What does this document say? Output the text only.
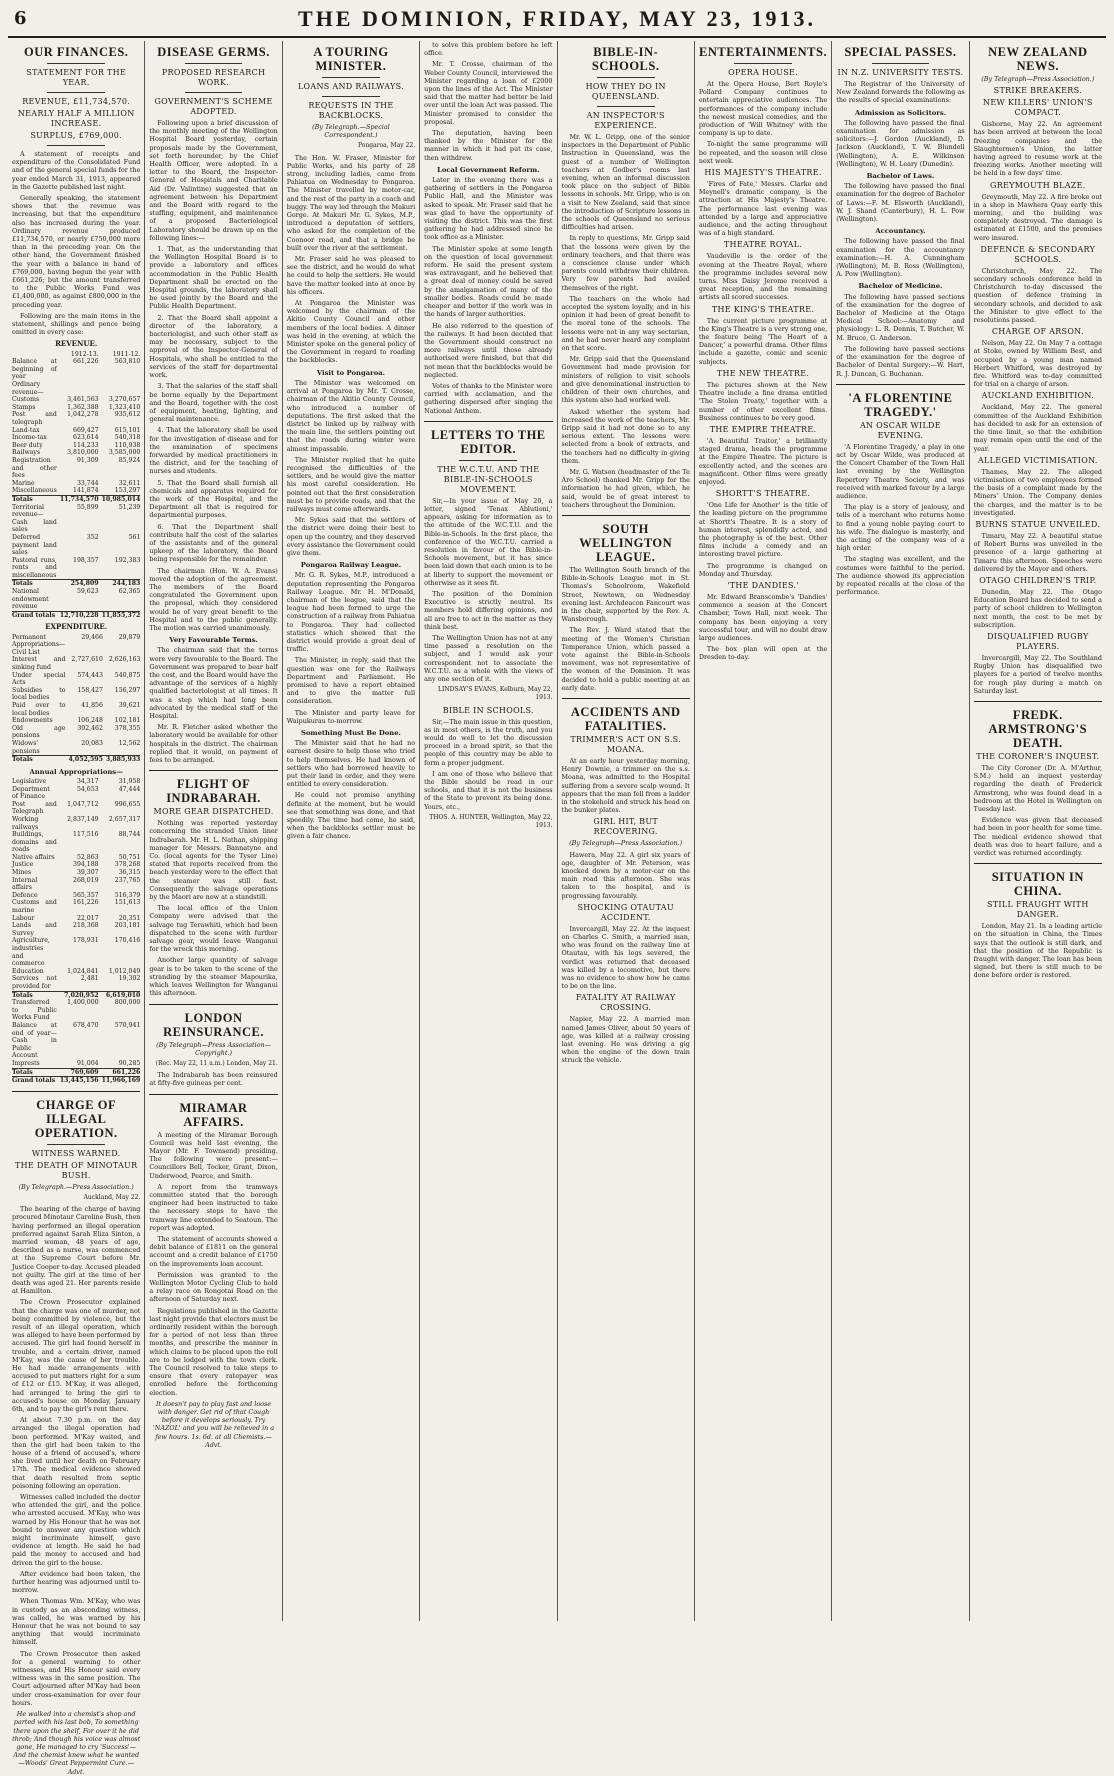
6	THE DOMINION, FRIDAY, MAY 23, 1913.
OUR FINANCES.
STATEMENT FOR THE YEAR.
REVENUE, £11,734,570.
NEARLY HALF A MILLION INCREASE.
SURPLUS, £769,000.

A statement of receipts and expenditure of the Consolidated Fund and of the general special funds for the year ended March 31, 1913, appeared in the Gazette published last night.

Generally speaking, the statement shows that the revenue was increasing, but that the expenditure also has increased during the year. Ordinary revenue produced £11,734,570, or nearly £750,000 more than in the preceding year. On the other hand, the Government finished the year with a balance in hand of £769,000, having begun the year with £661,226; but the amount transferred to the Public Works Fund was £1,400,000, as against £800,000 in the preceding year.

Following are the main items in the statement, shillings and pence being omitted in every case:

REVENUE.
	1912-13.	1911-12.
Balance at beginning of year	661,226	563,810
Ordinary revenue—		
Customs	3,461,563	3,270,657
Stamps	1,362,388	1,323,410
Post and telegraph	1,042,278	935,612
Land-tax	669,427	615,101
Income-tax	623,614	540,318
Beer duty	114,233	110,938
Railways	3,810,000	3,585,000
Registration and other fees	91,309	85,924
Marine	33,744	32,611
Miscellaneous	141,874	153,297
Totals	11,734,570	10,985,014
Territorial revenue—Cash land sales	55,899	51,239
Deferred payment land sales	352	561
Pastoral runs, rents and miscellaneous	198,357	192,383
Totals	254,809	244,183
National endowment revenue	59,623	62,365
Grand totals	12,710,228	11,855,372
EXPENDITURE.
Permanent Appropriations—Civil List	29,466	29,879
Interest and sinking fund	2,727,610	2,626,163
Under special Acts	574,443	540,875
Subsidies to local bodies	158,427	156,297
Paid over to local bodies	41,856	39,621
Endowments	106,248	102,181
Old age pensions	392,462	378,355
Widows' pensions	20,083	12,562
Totals	4,052,595	3,885,933
Annual Appropriations—
Legislative	34,317	31,958
Department of Finance	54,653	47,444
Post and Telegraph	1,047,712	996,655
Working railways	2,837,149	2,657,317
Buildings, domains and roads	117,516	88,744
Native affairs	52,863	50,751
Justice	394,188	378,268
Mines	39,307	36,315
Internal affairs	268,019	237,765
Defence	565,357	516,379
Customs and marine	161,226	151,613
Labour	22,017	20,351
Lands and Survey	218,368	203,181
Agriculture, industries and commerce	178,931	170,416
Education	1,024,841	1,012,049
Services not provided for	2,481	19,302
Totals	7,020,952	6,619,010
Transferred to Public Works Fund	1,400,000	800,000
Balance at end of year—Cash in Public Account	678,470	570,941
Imprests	91,004	90,285
Totals	769,609	661,226
Grand totals	13,445,156	11,966,169
CHARGE OF ILLEGAL OPERATION.
WITNESS WARNED.
THE DEATH OF MINOTAUR BUSH.

(By Telegraph.—Press Association.)

Auckland, May 22.

The hearing of the charge of having procured Minotaur Caroline Bush, then having performed an illegal operation preferred against Sarah Eliza Sinton, a married woman, 48 years of age, described as a nurse, was commenced at the Supreme Court before Mr. Justice Cooper to-day. Accused pleaded not guilty. The girl at the time of her death was aged 21. Her parents reside at Hamilton.

The Crown Prosecutor explained that the charge was one of murder, not being committed by violence, but the result of an illegal operation, which was alleged to have been performed by accused. The girl had found herself in trouble, and a certain driver, named M'Kay, was the cause of her trouble. He had made arrangements with accused to put matters right for a sum of £12 or £15. M'Kay, it was alleged, had arranged to bring the girl to accused's house on Monday, January 6th, and to pay the girl's rent there.

At about 7.30 p.m. on the day arranged the illegal operation had been performed. M'Kay waited, and then the girl had been taken to the house of a friend of accused's, where she lived until her death on February 17th. The medical evidence showed that death resulted from septic poisoning following an operation.

Witnesses called included the doctor who attended the girl, and the police who arrested accused. M'Kay, who was warned by His Honour that he was not bound to answer any question which might incriminate himself, gave evidence at length. He said he had paid the money to accused and had driven the girl to the house.

After evidence had been taken, the further hearing was adjourned until to-morrow.

When Thomas Wm. M'Kay, who was in custody as an absconding witness, was called, he was warned by his Honour that he was not bound to say anything that would incriminate himself.

The Crown Prosecutor then asked for a general warning to other witnesses, and His Honour said every witness was in the same position. The Court adjourned after M'Kay had been under cross-examination for over four hours.

He walked into a chemist's shop and parted with his last bob, To something there upon the shelf, For over it he did throb; And though his voice was almost gone, He managed to cry 'Success'—And the chemist knew what he wanted—Woods' Great Peppermint Cure.—Advt.

DISEASE GERMS.
PROPOSED RESEARCH WORK.
GOVERNMENT'S SCHEME ADOPTED.

Following upon a brief discussion of the monthly meeting of the Wellington Hospital Board yesterday, certain proposals made by the Government, set forth hereunder, by the Chief Health Officer, were adopted. In a letter to the Board, the Inspector-General of Hospitals and Charitable Aid (Dr. Valintine) suggested that an agreement between his Department and the Board with regard to the staffing, equipment, and maintenance of a proposed Bacteriological Laboratory should be drawn up on the following lines:—

1. That, as the understanding that the Wellington Hospital Board is to provide a laboratory and offices accommodation in the Public Health Department shall be erected on the Hospital grounds, the laboratory shall be used jointly by the Board and the Public Health Department.

2. That the Board shall appoint a director of the laboratory, a bacteriologist, and such other staff as may be necessary, subject to the approval of the Inspector-General of Hospitals, who shall be entitled to the services of the staff for departmental work.

3. That the salaries of the staff shall be borne equally by the Department and the Board, together with the cost of equipment, heating, lighting, and general maintenance.

4. That the laboratory shall be used for the investigation of disease and for the examination of specimens forwarded by medical practitioners in the district, and for the teaching of nurses and students.

5. That the Board shall furnish all chemicals and apparatus required for the work of the Hospital, and the Department all that is required for departmental purposes.

6. That the Department shall contribute half the cost of the salaries of the assistants and of the general upkeep of the laboratory, the Board being responsible for the remainder.

The chairman (Hon. W. A. Evans) moved the adoption of the agreement. The members of the Board congratulated the Government upon the proposal, which they considered would be of very great benefit to the Hospital and to the public generally. The motion was carried unanimously.

Very Favourable Terms.

The chairman said that the terms were very favourable to the Board. The Government was prepared to bear half the cost, and the Board would have the advantage of the services of a highly qualified bacteriologist at all times. It was a step which had long been advocated by the medical staff of the Hospital.

Mr. R. Fletcher asked whether the laboratory would be available for other hospitals in the district. The chairman replied that it would, on payment of fees to be arranged.

FLIGHT OF INDRABARAH.
MORE GEAR DISPATCHED.

Nothing was reported yesterday concerning the stranded Union liner Indrabarah. Mr. H. L. Nathan, shipping manager for Messrs. Bannatyne and Co. (local agents for the Tyser Line) stated that reports received from the beach yesterday were to the effect that the steamer was still fast. Consequently the salvage operations by the Maori are now at a standstill.

The local office of the Union Company were advised that the salvage tug Terawhiti, which had been dispatched to the scene with further salvage gear, would leave Wanganui for the wreck this morning.

Another large quantity of salvage gear is to be taken to the scene of the stranding by the steamer Mapourika, which leaves Wellington for Wanganui this afternoon.

LONDON REINSURANCE.

(By Telegraph—Press Association—Copyright.)

(Rec. May 22, 11 a.m.) London, May 21.

The Indrabarah has been reinsured at fifty-five guineas per cent.

MIRAMAR AFFAIRS.

A meeting of the Miramar Borough Council was held last evening, the Mayor (Mr. F. Townsend) presiding. The following were present:—Councillors Bell, Tocker, Grant, Dixon, Underwood, Pearce, and Smith.

A report from the tramways committee stated that the borough engineer had been instructed to take the necessary steps to have the tramway line extended to Seatoun. The report was adopted.

The statement of accounts showed a debit balance of £1811 on the general account and a credit balance of £1750 on the improvements loan account.

Permission was granted to the Wellington Motor Cycling Club to hold a relay race on Rongotai Road on the afternoon of Saturday next.

Regulations published in the Gazette last night provide that electors must be ordinarily resident within the borough for a period of not less than three months, and prescribe the manner in which claims to be placed upon the roll are to be lodged with the town clerk. The Council resolved to take steps to ensure that every ratepayer was enrolled before the forthcoming election.

It doesn't pay to play fast and loose with danger. Get rid of that Cough before it develops seriously. Try 'NAZOL' and you will be relieved in a few hours. 1s. 6d. at all Chemists.—Advt.

A TOURING MINISTER.
LOANS AND RAILWAYS.
REQUESTS IN THE BACKBLOCKS.

(By Telegraph.—Special Correspondent.)

Pongaroa, May 22.

The Hon. W. Fraser, Minister for Public Works, and his party of 28 strong, including ladies, came from Pahiatua on Wednesday to Pongaroa. The Minister travelled by motor-car, and the rest of the party in a coach and buggy. The way led through the Makuri Gorge. At Makuri Mr. G. Sykes, M.P., introduced a deputation of settlers, who asked for the completion of the Coonoor road, and that a bridge be built over the river at the settlement.

Mr. Fraser said he was pleased to see the district, and he would do what he could to help the settlers. He would have the matter looked into at once by his officers.

At Pongaroa the Minister was welcomed by the chairman of the Akitio County Council and other members of the local bodies. A dinner was held in the evening, at which the Minister spoke on the general policy of the Government in regard to roading the backblocks.

Visit to Pongaroa.

The Minister was welcomed on arrival at Pongaroa by Mr. T. Crosse, chairman of the Akitio County Council, who introduced a number of deputations. The first asked that the district be linked up by railway with the main line, the settlers pointing out that the roads during winter were almost impassable.

The Minister replied that he quite recognised the difficulties of the settlers, and he would give the matter his most careful consideration. He pointed out that the first consideration must be to provide roads, and that the railways must come afterwards.

Mr. Sykes said that the settlers of the district were doing their best to open up the country, and they deserved every assistance the Government could give them.

Pongaroa Railway League.

Mr. G. R. Sykes, M.P., introduced a deputation representing the Pongaroa Railway League. Mr. H. M'Donald, chairman of the league, said that the league had been formed to urge the construction of a railway from Pahiatua to Pongaroa. They had collected statistics which showed that the district would provide a great deal of traffic.

The Minister, in reply, said that the question was one for the Railways Department and Parliament. He promised to have a report obtained and to give the matter full consideration.

The Minister and party leave for Waipukurau to-morrow.

Something Must Be Done.

The Minister said that he had no earnest desire to help those who tried to help themselves. He had known of settlers who had borrowed heavily to put their land in order, and they were entitled to every consideration.

He could not promise anything definite at the moment, but he would see that something was done, and that speedily. The time had come, he said, when the backblocks settler must be given a fair chance.

to solve this problem before he left office.

Mr. T. Crosse, chairman of the Weber County Council, interviewed the Minister regarding a loan of £2000 upon the lines of the Act. The Minister said that the matter had better be laid over until the loan Act was passed. The Minister promised to consider the proposal.

The deputation, having been thanked by the Minister for the manner in which it had put its case, then withdrew.

Local Government Reform.

Later in the evening there was a gathering of settlers in the Pongaroa Public Hall, and the Minister was asked to speak. Mr. Fraser said that he was glad to have the opportunity of visiting the district. This was the first gathering he had addressed since he took office as a Minister.

The Minister spoke at some length on the question of local government reform. He said the present system was extravagant, and he believed that a great deal of money could be saved by the amalgamation of many of the smaller bodies. Roads could be made cheaper and better if the work was in the hands of larger authorities.

He also referred to the question of the railways. It had been decided that the Government should construct no more railways until those already authorised were finished, but that did not mean that the backblocks would be neglected.

Votes of thanks to the Minister were carried with acclamation, and the gathering dispersed after singing the National Anthem.

LETTERS TO THE EDITOR.
THE W.C.T.U. AND THE BIBLE-IN-SCHOOLS MOVEMENT.

Sir,—In your issue of May 20, a letter, signed 'Tenax Ablutioni,' appears, asking for information as to the attitude of the W.C.T.U. and the Bible-in-Schools. In the first place, the conference of the W.C.T.U. carried a resolution in favour of the Bible-in-Schools movement, but it has since been laid down that each union is to be at liberty to support the movement or otherwise as it sees fit.

The position of the Dominion Executive is strictly neutral. Its members hold differing opinions, and all are free to act in the matter as they think best.

The Wellington Union has not at any time passed a resolution on the subject, and I would ask your correspondent not to associate the W.C.T.U. as a whole with the views of any one section of it.

LINDSAY'S EVANS, Kelburn, May 22, 1913.

BIBLE IN SCHOOLS.

Sir,—The main issue in this question, as in most others, is the truth, and you would do well to let the discussion proceed in a broad spirit, so that the people of this country may be able to form a proper judgment.

I am one of those who believe that the Bible should be read in our schools, and that it is not the business of the State to prevent its being done. Yours, etc.,

THOS. A. HUNTER, Wellington, May 22, 1913.

BIBLE-IN-SCHOOLS.
HOW THEY DO IN QUEENSLAND.
AN INSPECTOR'S EXPERIENCE.

Mr. W. L. Gripp, one of the senior inspectors in the Department of Public Instruction in Queensland, was the guest of a number of Wellington teachers at Godber's rooms last evening, when an informal discussion took place on the subject of Bible lessons in schools. Mr. Gripp, who is on a visit to New Zealand, said that since the introduction of Scripture lessons in the schools of Queensland no serious difficulties had arisen.

In reply to questions, Mr. Gripp said that the lessons were given by the ordinary teachers, and that there was a conscience clause under which parents could withdraw their children. Very few parents had availed themselves of the right.

The teachers on the whole had accepted the system loyally, and in his opinion it had been of great benefit to the moral tone of the schools. The lessons were not in any way sectarian, and he had never heard any complaint on that score.

Mr. Gripp said that the Queensland Government had made provision for ministers of religion to visit schools and give denominational instruction to children of their own churches, and this system also had worked well.

Asked whether the system had increased the work of the teachers, Mr. Gripp said it had not done so to any serious extent. The lessons were selected from a book of extracts, and the teachers had no difficulty in giving them.

Mr. G. Watson (headmaster of the Te Aro School) thanked Mr. Gripp for the information he had given, which, he said, would be of great interest to teachers throughout the Dominion.

SOUTH WELLINGTON LEAGUE.

The Wellington South branch of the Bible-in-Schools League met in St. Thomas's Schoolroom, Wakefield Street, Newtown, on Wednesday evening last. Archdeacon Fancourt was in the chair, supported by the Rev. A. Wansborough.

The Rev. J. Ward stated that the meeting of the Women's Christian Temperance Union, which passed a vote against the Bible-in-Schools movement, was not representative of the women of the Dominion. It was decided to hold a public meeting at an early date.

ACCIDENTS AND FATALITIES.
TRIMMER'S ACT ON S.S. MOANA.

At an early hour yesterday morning, Henry Downie, a trimmer on the s.s. Moana, was admitted to the Hospital suffering from a severe scalp wound. It appears that the man fell from a ladder in the stokehold and struck his head on the bunker plates.

GIRL HIT, BUT RECOVERING.

(By Telegraph—Press Association.)

Hawera, May 22. A girl six years of age, daughter of Mr. Peterson, was knocked down by a motor-car on the main road this afternoon. She was taken to the hospital, and is progressing favourably.

SHOCKING OTAUTAU ACCIDENT.

Invercargill, May 22. At the inquest on Charles C. Smith, a married man, who was found on the railway line at Otautau, with his legs severed, the verdict was returned that deceased was killed by a locomotive, but there was no evidence to show how he came to be on the line.

FATALITY AT RAILWAY CROSSING.

Napier, May 22. A married man named James Oliver, about 50 years of age, was killed at a railway crossing last evening. He was driving a gig when the engine of the down train struck the vehicle.

ENTERTAINMENTS.
OPERA HOUSE.

At the Opera House, Bert Royle's Pollard Company continues to entertain appreciative audiences. The performances of the company include the newest musical comedies, and the production of 'Will Whitney' with the company is up to date.

To-night the same programme will be repeated, and the season will close next week.

HIS MAJESTY'S THEATRE.

'Fires of Fate,' Messrs. Clarke and Meynell's dramatic company, is the attraction at His Majesty's Theatre. The performance last evening was attended by a large and appreciative audience, and the acting throughout was of a high standard.

THEATRE ROYAL.

Vaudeville is the order of the evening at the Theatre Royal, where the programme includes several new turns. Miss Daisy Jerome received a great reception, and the remaining artists all scored successes.

THE KING'S THEATRE.

The current picture programme at the King's Theatre is a very strong one, the feature being 'The Heart of a Dancer,' a powerful drama. Other films include a gazette, comic and scenic subjects.

THE NEW THEATRE.

The pictures shown at the New Theatre include a fine drama entitled 'The Stolen Treaty,' together with a number of other excellent films. Business continues to be very good.

THE EMPIRE THEATRE.

'A Beautiful Traitor,' a brilliantly staged drama, heads the programme at the Empire Theatre. The picture is excellently acted, and the scenes are magnificent. Other films were greatly enjoyed.

SHORTT'S THEATRE.

'One Life for Another' is the title of the leading picture on the programme at Shortt's Theatre. It is a story of human interest, splendidly acted, and the photography is of the best. Other films include a comedy and an interesting travel picture.

The programme is changed on Monday and Thursday.

'THE DANDIES.'

Mr. Edward Branscombe's 'Dandies' commence a season at the Concert Chamber, Town Hall, next week. The company has been enjoying a very successful tour, and will no doubt draw large audiences.

The box plan will open at the Dresden to-day.

SPECIAL PASSES.
IN N.Z. UNIVERSITY TESTS.

The Registrar of the University of New Zealand forwards the following as the results of special examinations:

Admission as Solicitors.

The following have passed the final examination for admission as solicitors:—J. Gordon (Auckland), D. Jackson (Auckland), T. W. Blundell (Wellington), A. E. Wilkinson (Wellington), W. H. Leary (Dunedin).

Bachelor of Laws.

The following have passed the final examination for the degree of Bachelor of Laws:—F. M. Elsworth (Auckland), W. J. Shand (Canterbury), H. L. Pow (Wellington).

Accountancy.

The following have passed the final examination for the accountancy examination:—H. A. Cunningham (Wellington), M. B. Ross (Wellington), A. Pow (Wellington).

Bachelor of Medicine.

The following have passed sections of the examination for the degree of Bachelor of Medicine at the Otago Medical School:—Anatomy and physiology: L. R. Dennis, T. Butcher, W. M. Bruce, G. Anderson.

The following have passed sections of the examination for the degree of Bachelor of Dental Surgery:—W. Hart, R. J. Duncan, G. Buchanan.

'A FLORENTINE TRAGEDY.'
AN OSCAR WILDE EVENING.

'A Florentine Tragedy,' a play in one act by Oscar Wilde, was produced at the Concert Chamber of the Town Hall last evening by the Wellington Repertory Theatre Society, and was received with marked favour by a large audience.

The play is a story of jealousy, and tells of a merchant who returns home to find a young noble paying court to his wife. The dialogue is masterly, and the acting of the company was of a high order.

The staging was excellent, and the costumes were faithful to the period. The audience showed its appreciation by repeated recalls at the close of the performance.

NEW ZEALAND NEWS.

(By Telegraph—Press Association.)

STRIKE BREAKERS.
NEW KILLERS' UNION'S COMPACT.

Gisborne, May 22. An agreement has been arrived at between the local freezing companies and the Slaughtermen's Union, the latter having agreed to resume work at the freezing works. Another meeting will be held in a few days' time.

GREYMOUTH BLAZE.

Greymouth, May 22. A fire broke out in a shop in Mawhera Quay early this morning, and the building was completely destroyed. The damage is estimated at £1500, and the premises were insured.

DEFENCE & SECONDARY SCHOOLS.

Christchurch, May 22. The secondary schools conference held in Christchurch to-day discussed the question of defence training in secondary schools, and decided to ask the Minister to give effect to the resolutions passed.

CHARGE OF ARSON.

Nelson, May 22. On May 7 a cottage at Stoke, owned by William Best, and occupied by a young man named Herbert Whitford, was destroyed by fire. Whitford was to-day committed for trial on a charge of arson.

AUCKLAND EXHIBITION.

Auckland, May 22. The general committee of the Auckland Exhibition has decided to ask for an extension of the time limit, so that the exhibition may remain open until the end of the year.

ALLEGED VICTIMISATION.

Thames, May 22. The alleged victimisation of two employees formed the basis of a complaint made by the Miners' Union. The Company denies the charges, and the matter is to be investigated.

BURNS STATUE UNVEILED.

Timaru, May 22. A beautiful statue of Robert Burns was unveiled in the presence of a large gathering at Timaru this afternoon. Speeches were delivered by the Mayor and others.

OTAGO CHILDREN'S TRIP.

Dunedin, May 22. The Otago Education Board has decided to send a party of school children to Wellington next month, the cost to be met by subscription.

DISQUALIFIED RUGBY PLAYERS.

Invercargill, May 22. The Southland Rugby Union has disqualified two players for a period of twelve months for rough play during a match on Saturday last.

FREDK. ARMSTRONG'S DEATH.
THE CORONER'S INQUEST.

The City Coroner (Dr. A. M'Arthur, S.M.) held an inquest yesterday regarding the death of Frederick Armstrong, who was found dead in a bedroom at the Hotel in Wellington on Tuesday last.

Evidence was given that deceased had been in poor health for some time. The medical evidence showed that death was due to heart failure, and a verdict was returned accordingly.

SITUATION IN CHINA.
STILL FRAUGHT WITH DANGER.

London, May 21. In a leading article on the situation in China, the Times says that the outlook is still dark, and that the position of the Republic is fraught with danger. The loan has been signed, but there is still much to be done before order is restored.
